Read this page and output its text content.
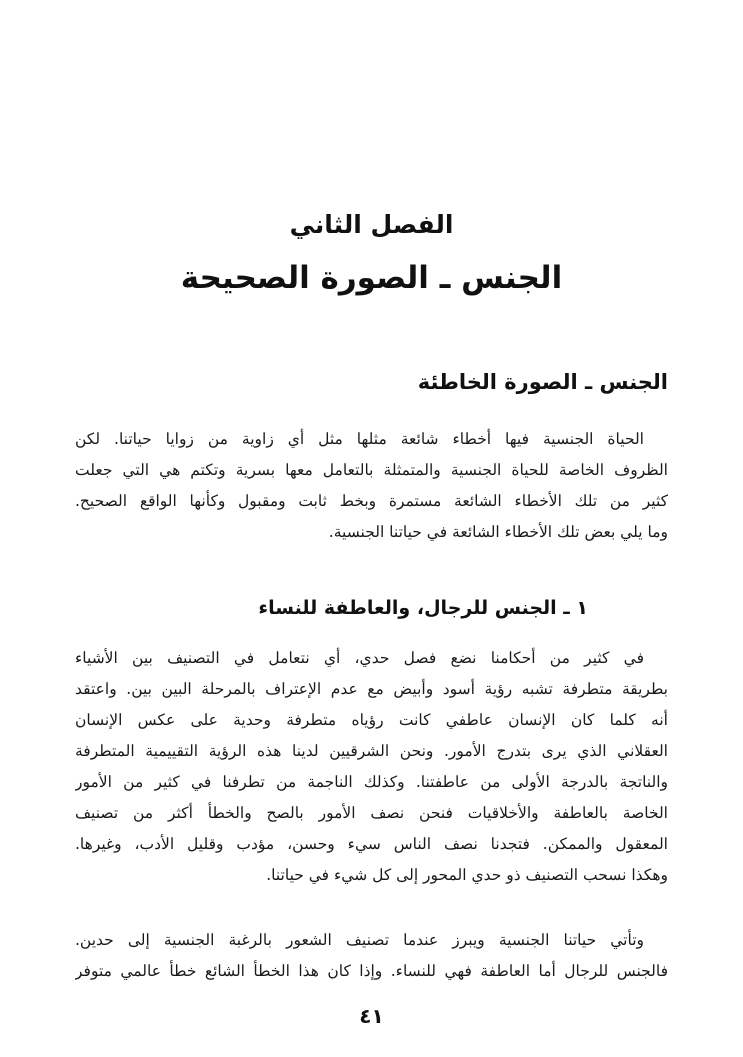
الفصل الثاني
الجنس ـ الصورة الصحيحة
الجنس ـ الصورة الخاطئة
الحياة الجنسية فيها أخطاء شائعة مثلها مثل أي زاوية من زوايا حياتنا. لكن
الظروف الخاصة للحياة الجنسية والمتمثلة بالتعامل معها بسرية وتكتم هي التي جعلت
كثير من تلك الأخطاء الشائعة مستمرة وبخط ثابت ومقبول وكأنها الواقع الصحيح.
وما يلي بعض تلك الأخطاء الشائعة في حياتنا الجنسية.
١ ـ الجنس للرجال، والعاطفة للنساء
في كثير من أحكامنا نضع فصل حدي، أي نتعامل في التصنيف بين الأشياء
بطريقة متطرفة تشبه رؤية أسود وأبيض مع عدم الإعتراف بالمرحلة البين بين. واعتقد
أنه كلما كان الإنسان عاطفي كانت رؤياه متطرفة وحدية على عكس الإنسان
العقلاني الذي يرى بتدرج الأمور. ونحن الشرقيين لدينا هذه الرؤية التقييمية المتطرفة
والناتجة بالدرجة الأولى من عاطفتنا. وكذلك الناجمة من تطرفنا في كثير من الأمور
الخاصة بالعاطفة والأخلاقيات فنحن نصف الأمور بالصح والخطأ أكثر من تصنيف
المعقول والممكن. فتجدنا نصف الناس سيء وحسن، مؤدب وقليل الأدب، وغيرها.
وهكذا نسحب التصنيف ذو حدي المحور إلى كل شيء في حياتنا.
وتأتي حياتنا الجنسية ويبرز عندما تصنيف الشعور بالرغبة الجنسية إلى حدين.
فالجنس للرجال أما العاطفة فهي للنساء. وإذا كان هذا الخطأ الشائع خطأ عالمي متوفر
٤١
